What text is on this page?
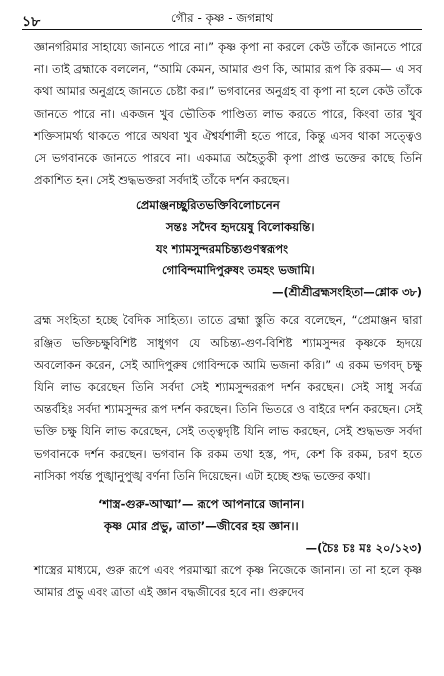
১৮	গৌর - কৃষ্ণ - জগন্নাথ

জ্ঞানগরিমার সাহায্যে জানতে পারে না।” কৃষ্ণ কৃপা না করলে কেউ তাঁকে জানতে পারে না। তাই ব্রহ্মাকে বললেন, “আমি কেমন, আমার গুণ কি, আমার রূপ কি রকম— এ সব কথা আমার অনুগ্রহে জানতে চেষ্টা কর।” ভগবানের অনুগ্রহ বা কৃপা না হলে কেউ তাঁকে জানতে পারে না। একজন খুব ভৌতিক পাণ্ডিত্য লাভ করতে পারে, কিংবা তার খুব শক্তিসামর্থ্য থাকতে পারে অথবা খুব ঐশ্বর্যশালী হতে পারে, কিন্তু এসব থাকা সত্ত্বেও সে ভগবানকে জানতে পারবে না। একমাত্র অহৈতুকী কৃপা প্রাপ্ত ভক্তের কাছে তিনি প্রকাশিত হন। সেই শুদ্ধভক্তরা সর্বদাই তাঁকে দর্শন করছেন।

প্রেমাঞ্জনচ্ছুরিতভক্তিবিলোচনেন
সন্তঃ সদৈব হৃদয়েষু বিলোকয়ন্তি।
যং শ্যামসুন্দরমচিন্ত্যগুণস্বরূপং
গোবিন্দমাদিপুরুষং তমহং ভজামি।
—(শ্রীশ্রীব্রহ্মসংহিতা—শ্লোক ৩৮)

ব্রহ্ম সংহিতা হচ্ছে বৈদিক সাহিত্য। তাতে ব্রহ্মা স্তুতি করে বলেছেন, “প্রেমাঞ্জন দ্বারা রঞ্জিত ভক্তিচক্ষুবিশিষ্ট সাধুগণ যে অচিন্ত্য-গুণ-বিশিষ্ট শ্যামসুন্দর কৃষ্ণকে হৃদয়ে অবলোকন করেন, সেই আদিপুরুষ গোবিন্দকে আমি ভজনা করি।” এ রকম ভগবদ্ চক্ষু যিনি লাভ করেছেন তিনি সর্বদা সেই শ্যামসুন্দররূপ দর্শন করছেন। সেই সাধু সর্বত্র অন্তর্বহিঃ সর্বদা শ্যামসুন্দর রূপ দর্শন করছেন। তিনি ভিতরে ও বাইরে দর্শন করছেন। সেই ভক্তি চক্ষু যিনি লাভ করেছেন, সেই তত্ত্বদৃষ্টি যিনি লাভ করছেন, সেই শুদ্ধভক্ত সর্বদা ভগবানকে দর্শন করছেন। ভগবান কি রকম তথা হস্ত, পদ, কেশ কি রকম, চরণ হতে নাসিকা পর্যন্ত পুঙ্খানুপুঙ্খ বর্ণনা তিনি দিয়েছেন। এটা হচ্ছে শুদ্ধ ভক্তের কথা।

‘শাস্ত্র-গুরু-আত্মা’— রূপে আপনারে জানান।
কৃষ্ণ মোর প্রভু, ত্রাতা’—জীবের হয় জ্ঞান।।
—(চৈঃ চঃ মঃ ২০/১২৩)

শাস্ত্রের মাধ্যমে, গুরু রূপে এবং পরমাত্মা রূপে কৃষ্ণ নিজেকে জানান। তা না হলে কৃষ্ণ আমার প্রভু এবং ত্রাতা এই জ্ঞান বদ্ধজীবের হবে না। গুরুদেব
